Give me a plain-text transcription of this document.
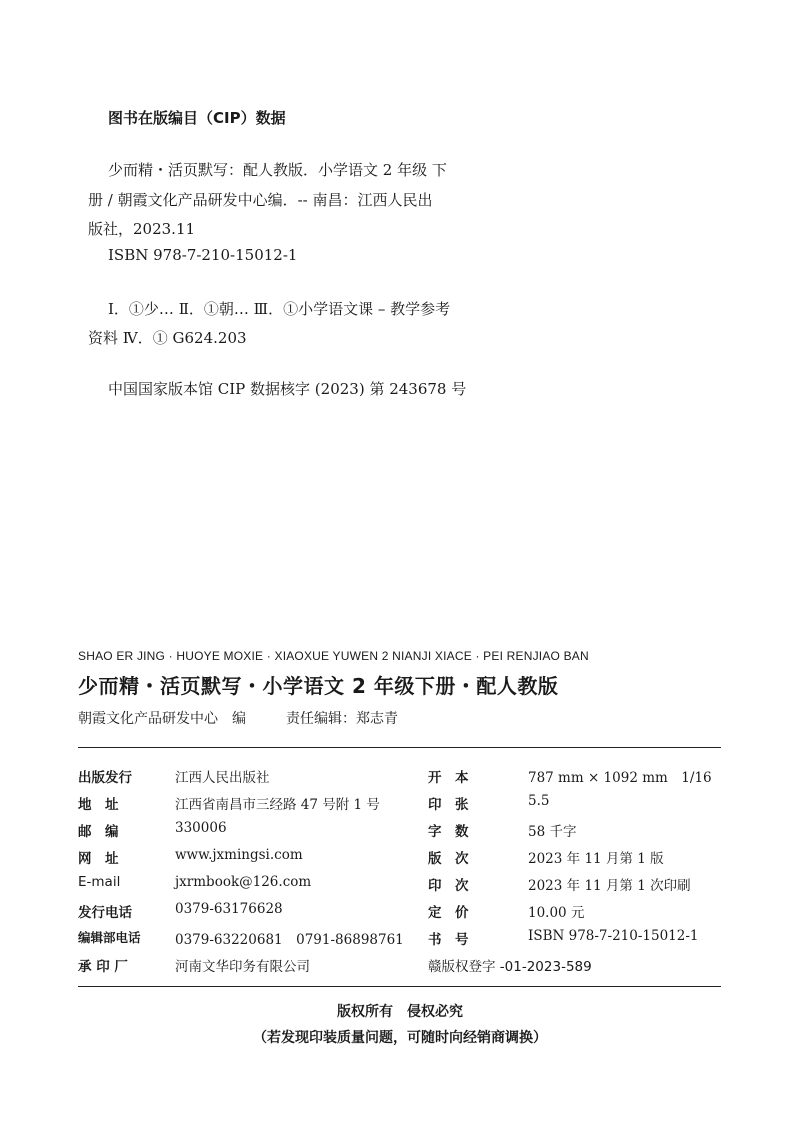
图书在版编目（CIP）数据
少而精・活页默写：配人教版．小学语文 2 年级 下
册 / 朝霞文化产品研发中心编．-- 南昌：江西人民出
版社，2023.11
ISBN 978-7-210-15012-1
Ⅰ．①少… Ⅱ．①朝… Ⅲ．①小学语文课 – 教学参考
资料 Ⅳ．① G624.203
中国国家版本馆 CIP 数据核字 (2023) 第 243678 号
SHAO ER JING · HUOYE MOXIE · XIAOXUE YUWEN 2 NIANJI XIACE · PEI RENJIAO BAN
少而精・活页默写・小学语文 2 年级下册・配人教版
朝霞文化产品研发中心　编	责任编辑：郑志青
出版发行	江西人民出版社	开　本	787 mm × 1092 mm　1/16
地　址	江西省南昌市三经路 47 号附 1 号	印　张	5.5
邮　编	330006	字　数	58 千字
网　址	www.jxmingsi.com	版　次	2023 年 11 月第 1 版
E-mail	jxrmbook@126.com	印　次	2023 年 11 月第 1 次印刷
发行电话	0379-63176628	定　价	10.00 元
编辑部电话	0379-63220681　0791-86898761 书　号	ISBN 978-7-210-15012-1
承 印 厂	河南文华印务有限公司	赣版权登字 -01-2023-589
版权所有　侵权必究
（若发现印装质量问题，可随时向经销商调换）
